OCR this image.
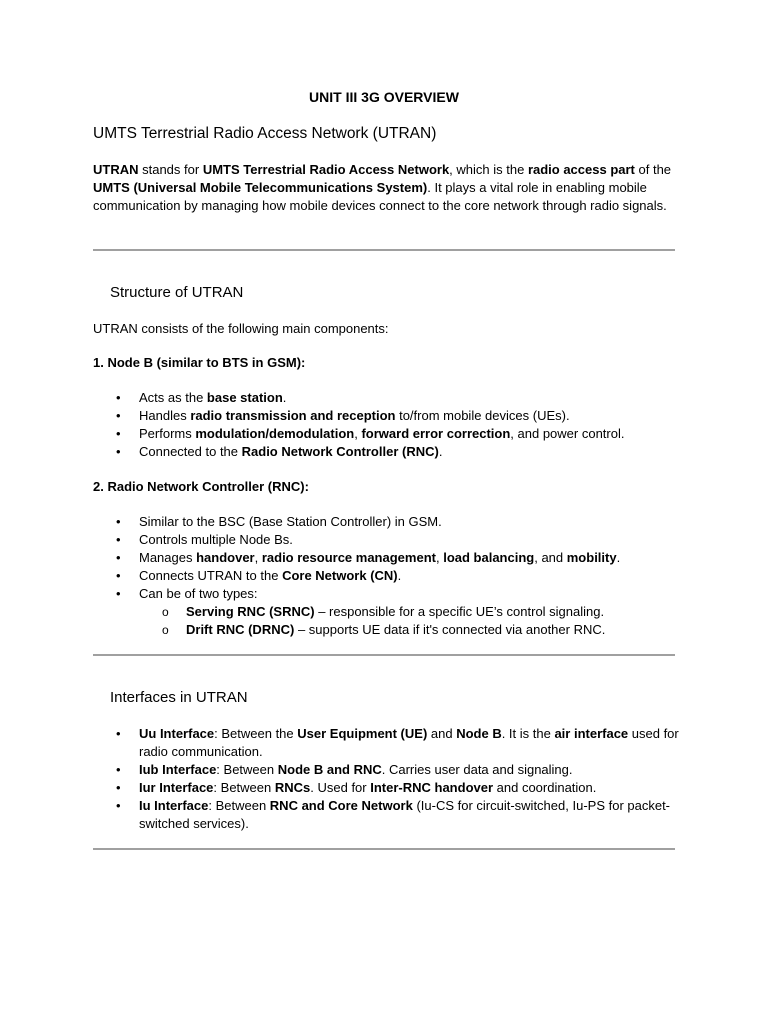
UNIT III 3G OVERVIEW
UMTS Terrestrial Radio Access Network (UTRAN)

UTRAN stands for UMTS Terrestrial Radio Access Network, which is the radio access part of the UMTS (Universal Mobile Telecommunications System). It plays a vital role in enabling mobile communication by managing how mobile devices connect to the core network through radio signals.

Structure of UTRAN

UTRAN consists of the following main components:

1. Node B (similar to BTS in GSM):
• Acts as the base station.
• Handles radio transmission and reception to/from mobile devices (UEs).
• Performs modulation/demodulation, forward error correction, and power control.
• Connected to the Radio Network Controller (RNC).
2. Radio Network Controller (RNC):
• Similar to the BSC (Base Station Controller) in GSM.
• Controls multiple Node Bs.
• Manages handover, radio resource management, load balancing, and mobility.
• Connects UTRAN to the Core Network (CN).
• Can be of two types:
o Serving RNC (SRNC) – responsible for a specific UE’s control signaling.
o Drift RNC (DRNC) – supports UE data if it's connected via another RNC.
Interfaces in UTRAN
• Uu Interface: Between the User Equipment (UE) and Node B. It is the air interface used for radio communication.
• Iub Interface: Between Node B and RNC. Carries user data and signaling.
• Iur Interface: Between RNCs. Used for Inter-RNC handover and coordination.
• Iu Interface: Between RNC and Core Network (Iu-CS for circuit-switched, Iu-PS for packet-switched services).
